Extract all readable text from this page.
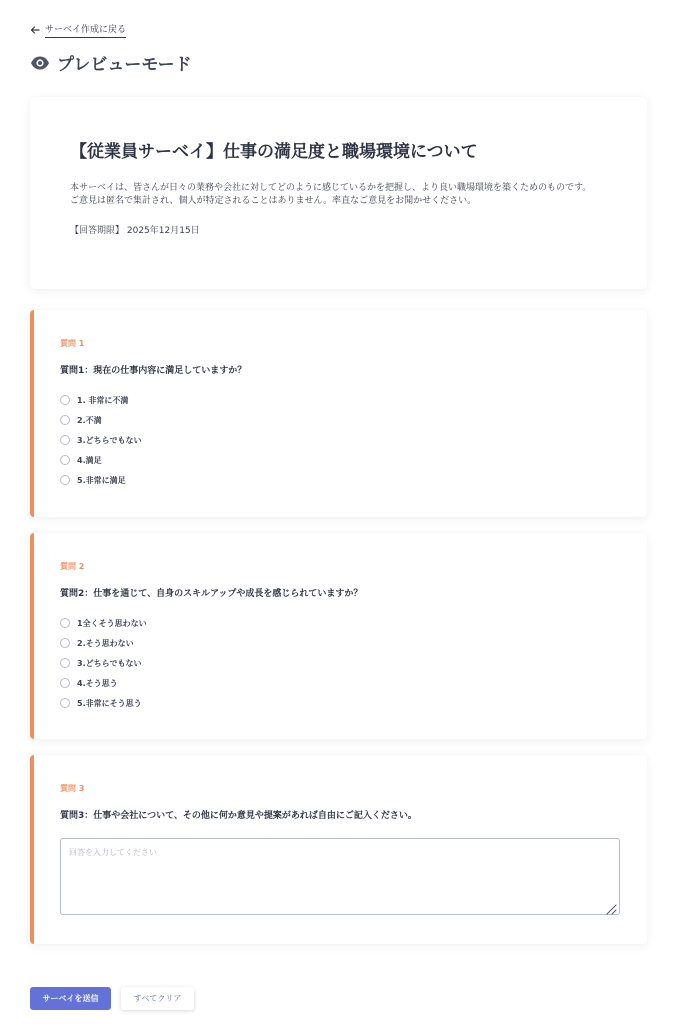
サーベイ作成に戻る
プレビューモード
【従業員サーベイ】仕事の満足度と職場環境について

本サーベイは、皆さんが日々の業務や会社に対してどのように感じているかを把握し、より良い職場環境を築くためのものです。

ご意見は匿名で集計され、個人が特定されることはありません。率直なご意見をお聞かせください。

【回答期限】 2025年12月15日

質問 1
質問1：現在の仕事内容に満足していますか？
1. 非常に不満
2.不満
3.どちらでもない
4.満足
5.非常に満足
質問 2
質問2：仕事を通じて、自身のスキルアップや成長を感じられていますか？
1全くそう思わない
2.そう思わない
3.どちらでもない
4.そう思う
5.非常にそう思う
質問 3
質問3：仕事や会社について、その他に何か意見や提案があれば自由にご記入ください。
回答を入力してください
サーベイを送信	すべてクリア
